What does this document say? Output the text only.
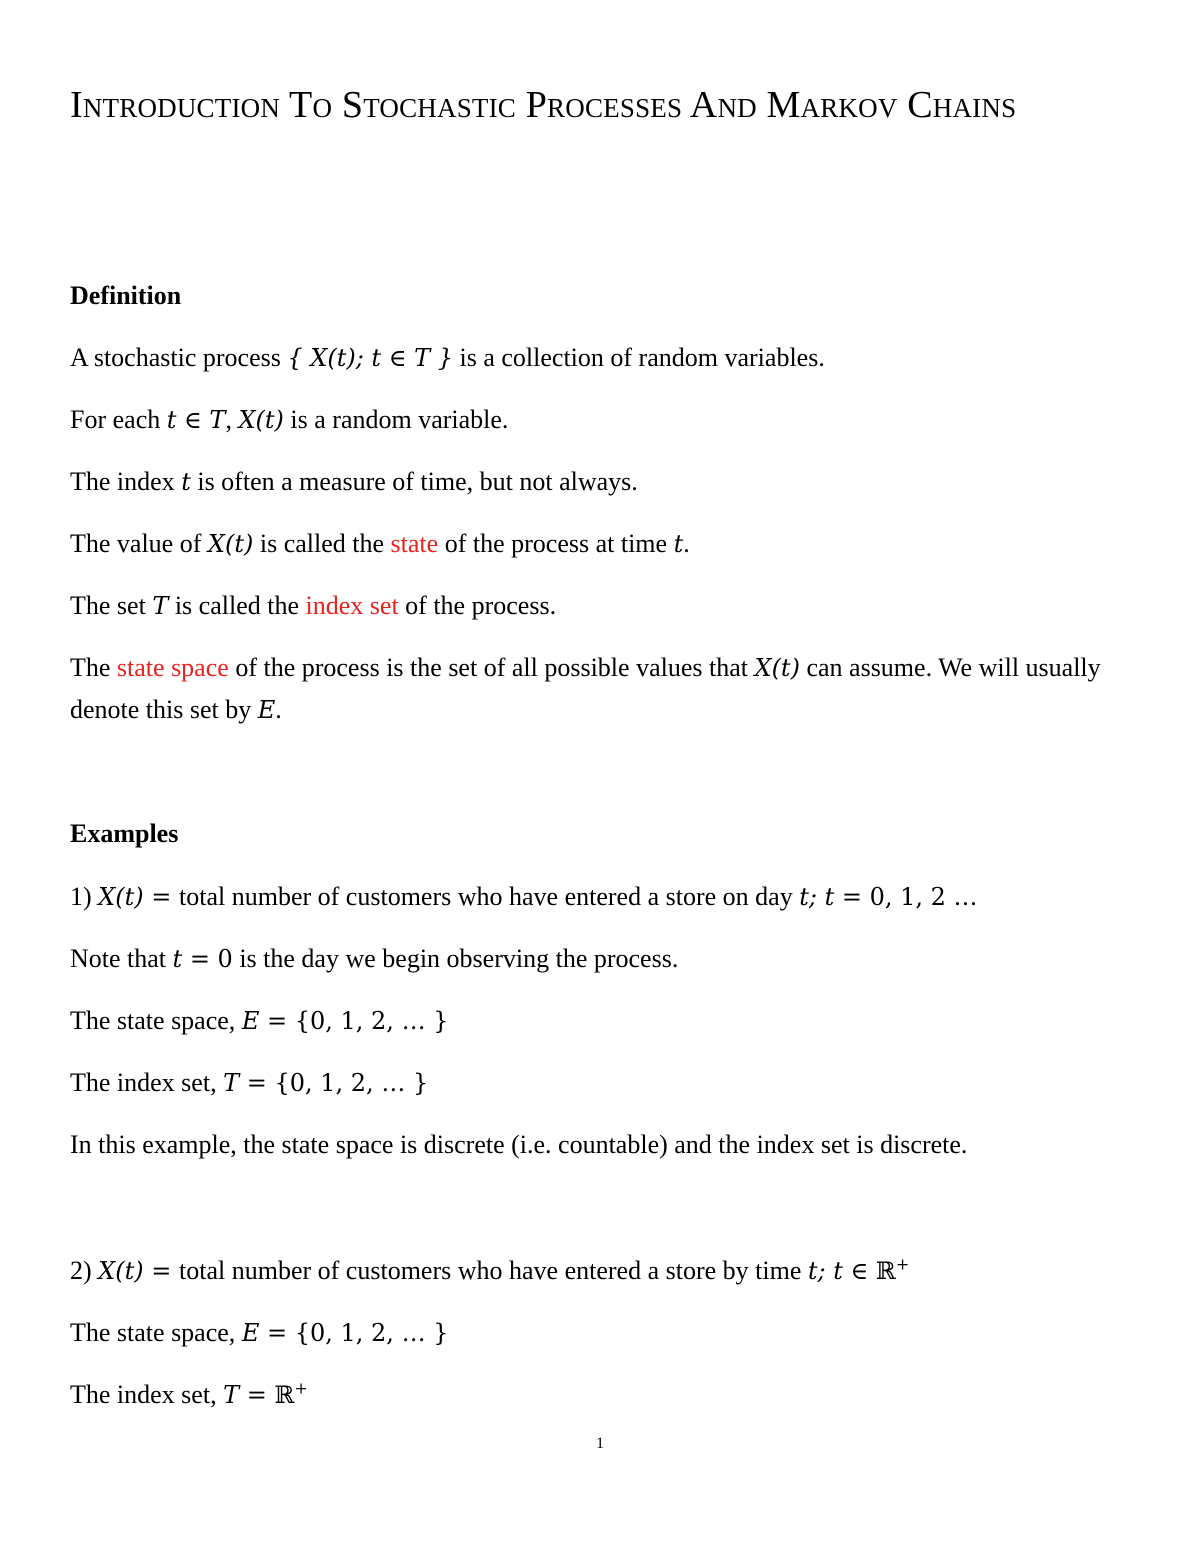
Introduction To Stochastic Processes And Markov Chains

Definition

A stochastic process { X(t); t ∈ T } is a collection of random variables.

For each t ∈ T, X(t) is a random variable.

The index t is often a measure of time, but not always.

The value of X(t) is called the state of the process at time t.

The set T is called the index set of the process.

The state space of the process is the set of all possible values that X(t) can assume. We will usually denote this set by E.

Examples

1) X(t) = total number of customers who have entered a store on day t; t = 0, 1, 2 …

Note that t = 0 is the day we begin observing the process.

The state space, E = {0, 1, 2, … }

The index set, T = {0, 1, 2, … }

In this example, the state space is discrete (i.e. countable) and the index set is discrete.

2) X(t) = total number of customers who have entered a store by time t; t ∈ ℝ+

The state space, E = {0, 1, 2, … }

The index set, T = ℝ+

1
